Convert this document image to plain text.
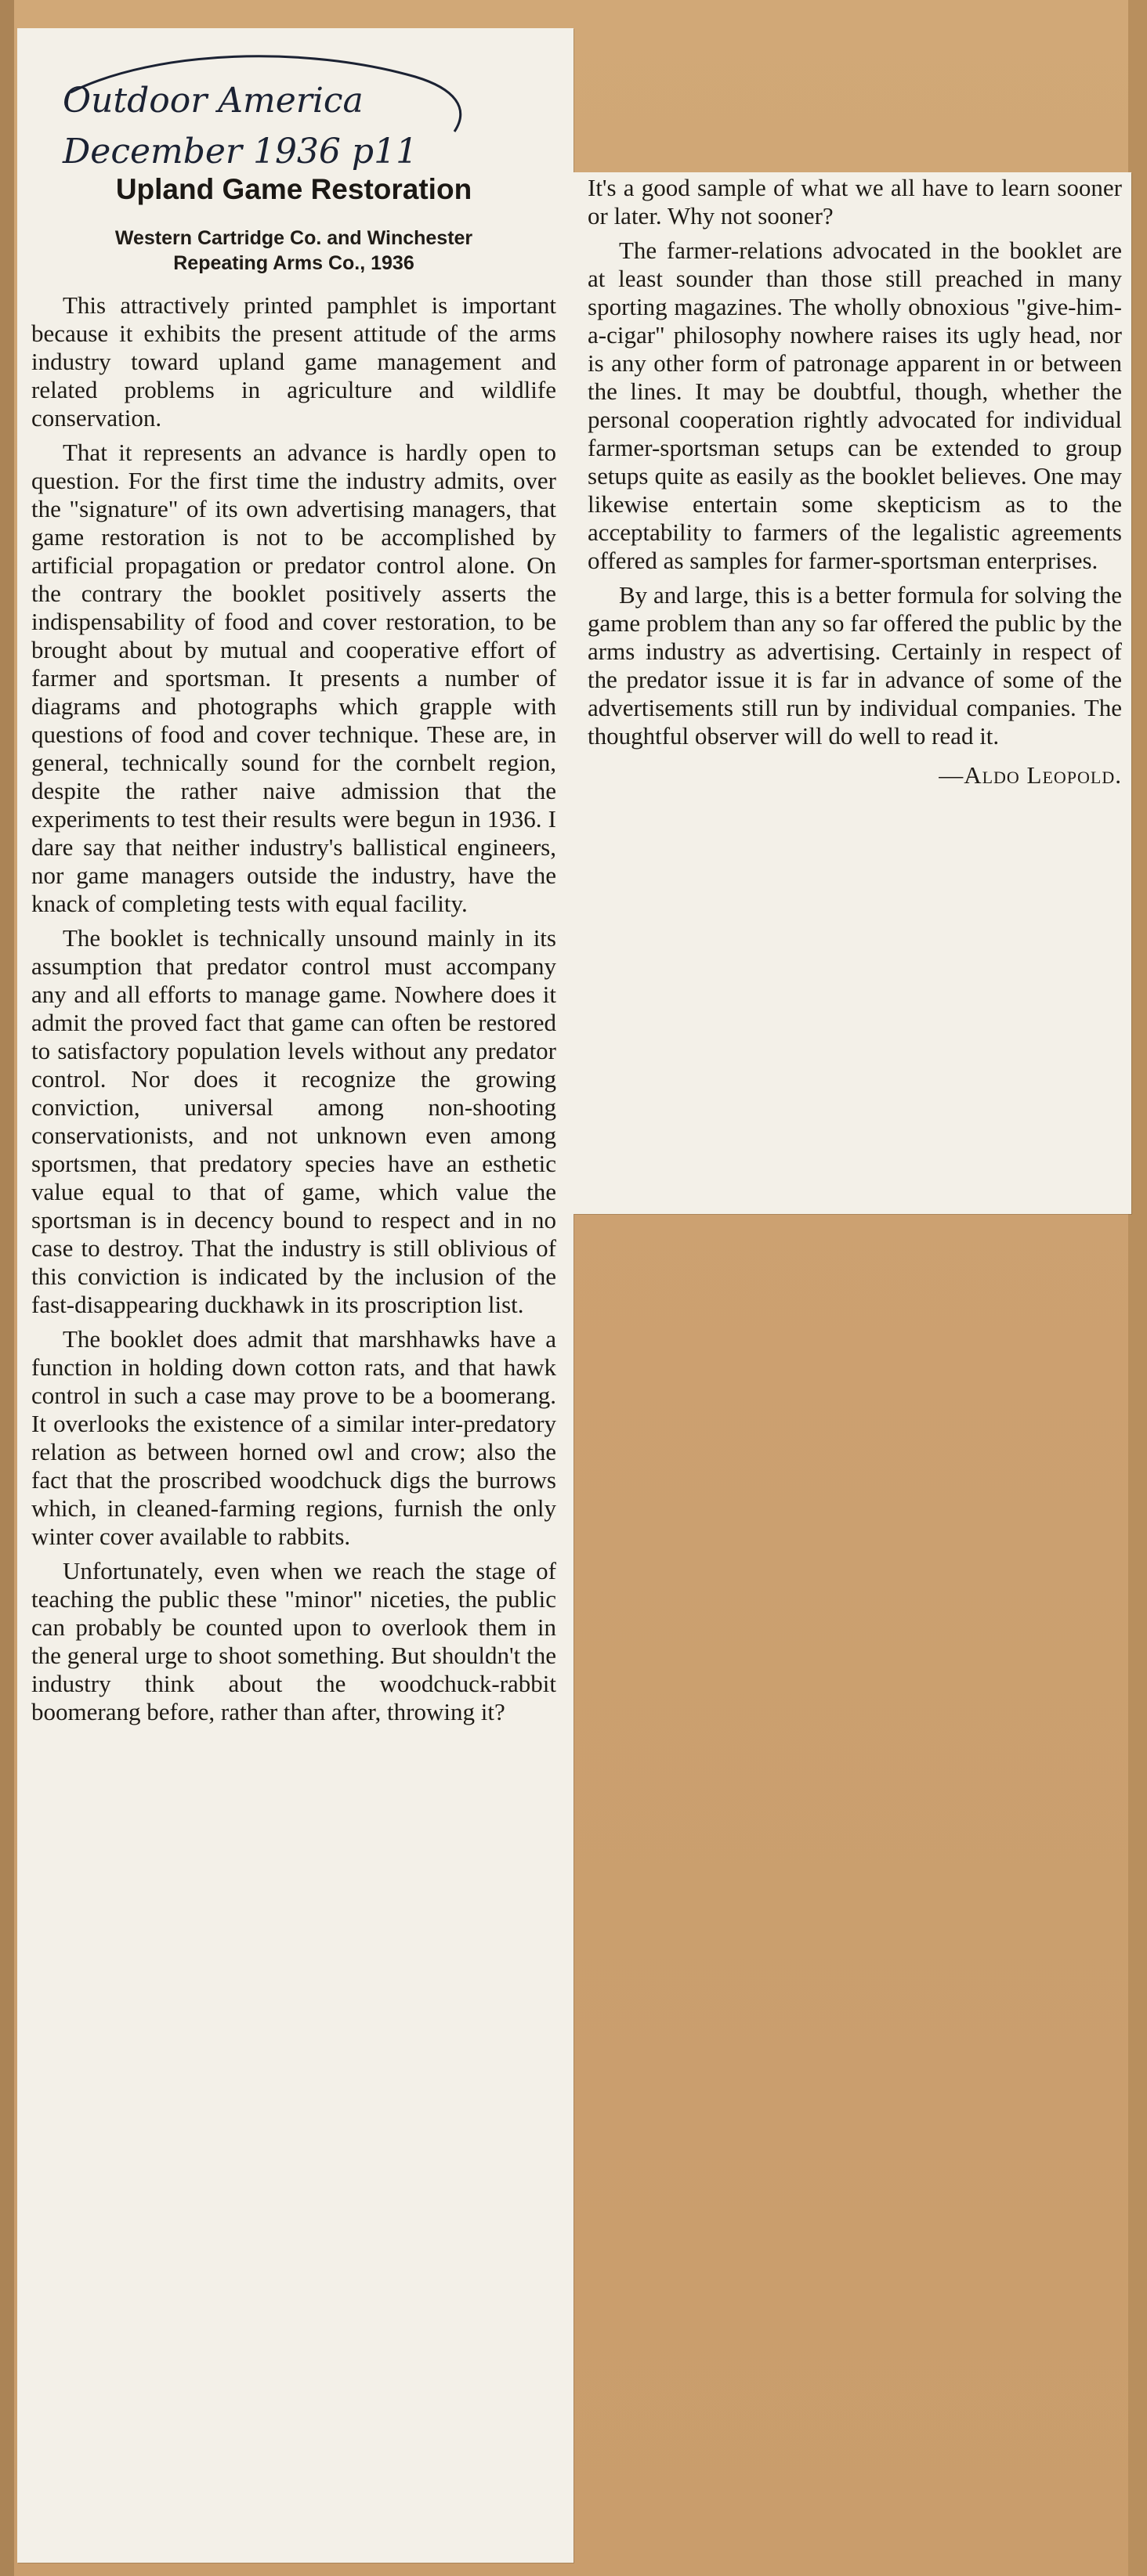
Outdoor America
December 1936 p11
Upland Game Restoration
Western Cartridge Co. and Winchester
Repeating Arms Co., 1936

This attractively printed pamphlet is important because it exhibits the present attitude of the arms industry toward upland game management and related problems in agriculture and wildlife conservation.

That it represents an advance is hardly open to question. For the first time the industry admits, over the "signature" of its own advertising managers, that game restoration is not to be accomplished by artificial propagation or predator control alone. On the contrary the booklet positively asserts the indispensability of food and cover restoration, to be brought about by mutual and cooperative effort of farmer and sportsman. It presents a number of diagrams and photographs which grapple with questions of food and cover technique. These are, in general, technically sound for the cornbelt region, despite the rather naive admission that the experiments to test their results were begun in 1936. I dare say that neither industry's ballistical engineers, nor game managers outside the industry, have the knack of completing tests with equal facility.

The booklet is technically unsound mainly in its assumption that predator control must accompany any and all efforts to manage game. Nowhere does it admit the proved fact that game can often be restored to satisfactory population levels without any predator control. Nor does it recognize the growing conviction, universal among non-shooting conservationists, and not unknown even among sportsmen, that predatory species have an esthetic value equal to that of game, which value the sportsman is in decency bound to respect and in no case to destroy. That the industry is still oblivious of this conviction is indicated by the inclusion of the fast-disappearing duckhawk in its proscription list.

The booklet does admit that marshhawks have a function in holding down cotton rats, and that hawk control in such a case may prove to be a boomerang. It overlooks the existence of a similar inter-predatory relation as between horned owl and crow; also the fact that the proscribed woodchuck digs the burrows which, in cleaned-farming regions, furnish the only winter cover available to rabbits.

Unfortunately, even when we reach the stage of teaching the public these "minor" niceties, the public can probably be counted upon to overlook them in the general urge to shoot something. But shouldn't the industry think about the woodchuck-rabbit boomerang before, rather than after, throwing it?

It's a good sample of what we all have to learn sooner or later. Why not sooner?

The farmer-relations advocated in the booklet are at least sounder than those still preached in many sporting magazines. The wholly obnoxious "give-him-a-cigar" philosophy nowhere raises its ugly head, nor is any other form of patronage apparent in or between the lines. It may be doubtful, though, whether the personal cooperation rightly advocated for individual farmer-sportsman setups can be extended to group setups quite as easily as the booklet believes. One may likewise entertain some skepticism as to the acceptability to farmers of the legalistic agreements offered as samples for farmer-sportsman enterprises.

By and large, this is a better formula for solving the game problem than any so far offered the public by the arms industry as advertising. Certainly in respect of the predator issue it is far in advance of some of the advertisements still run by individual companies. The thoughtful observer will do well to read it.

—Aldo Leopold.
